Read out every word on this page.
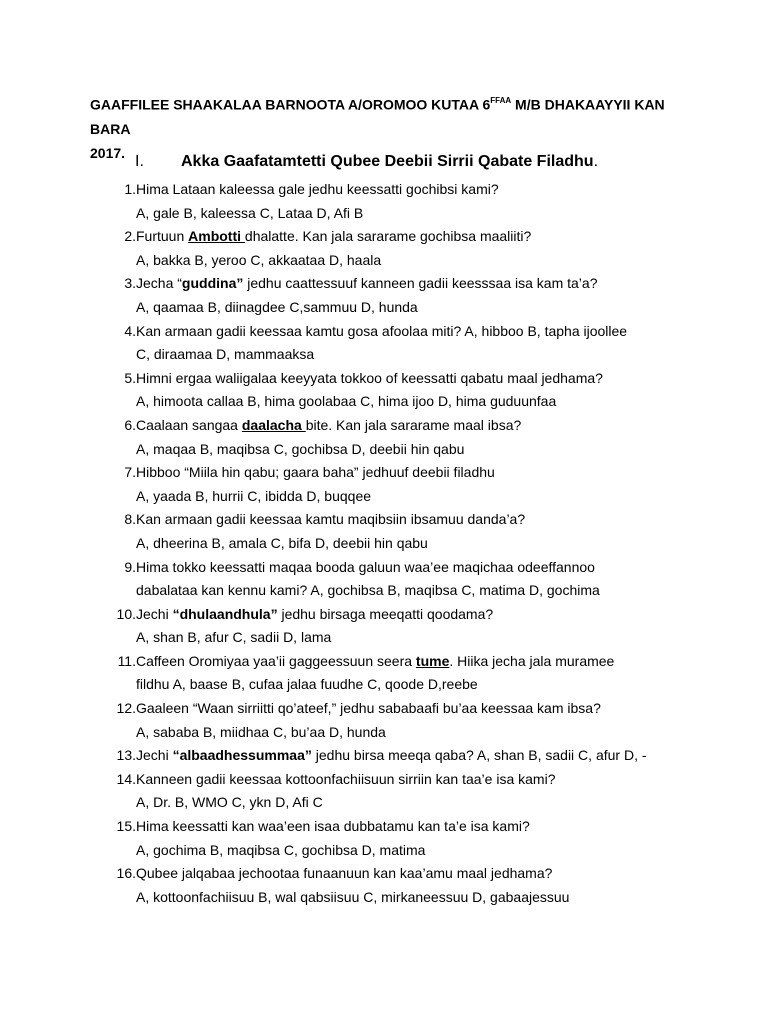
GAAFFILEE SHAAKALAA BARNOOTA A/OROMOO KUTAA $6^{FFAA}$ M/B DHAKAAYYII KAN BARA
2017.
I. Akka Gaafatamtetti Qubee Deebii Sirrii Qabate Filadhu.
1. Hima Lataan kaleessa gale jedhu keessatti gochibsi kami?
A, gale B, kaleessa C, Lataa D, Afi B
2. Furtuun Ambotti dhalatte. Kan jala sararame gochibsa maaliiti?
A, bakka B, yeroo C, akkaataa D, haala
3. Jecha “guddina” jedhu caattessuuf kanneen gadii keesssaa isa kam ta’a?
A, qaamaa B, diinagdee C,sammuu D, hunda
4. Kan armaan gadii keessaa kamtu gosa afoolaa miti? A, hibboo B, tapha ijoollee
C, diraamaa D, mammaaksa
5. Himni ergaa waliigalaa keeyyata tokkoo of keessatti qabatu maal jedhama?
A, himoota callaa B, hima goolabaa C, hima ijoo D, hima guduunfaa
6. Caalaan sangaa daalacha bite. Kan jala sararame maal ibsa?
A, maqaa B, maqibsa C, gochibsa D, deebii hin qabu
7. Hibboo “Miila hin qabu; gaara baha” jedhuuf deebii filadhu
A, yaada B, hurrii C, ibidda D, buqqee
8. Kan armaan gadii keessaa kamtu maqibsiin ibsamuu danda’a?
A, dheerina B, amala C, bifa D, deebii hin qabu
9. Hima tokko keessatti maqaa booda galuun waa’ee maqichaa odeeffannoo
dabalataa kan kennu kami? A, gochibsa B, maqibsa C, matima D, gochima
10. Jechi “dhulaandhula” jedhu birsaga meeqatti qoodama?
A, shan B, afur C, sadii D, lama
11. Caffeen Oromiyaa yaa’ii gaggeessuun seera tume. Hiika jecha jala muramee
fildhu A, baase B, cufaa jalaa fuudhe C, qoode D,reebe
12. Gaaleen “Waan sirriitti qo’ateef,” jedhu sababaafi bu’aa keessaa kam ibsa?
A, sababa B, miidhaa C, bu’aa D, hunda
13. Jechi “albaadhessummaa” jedhu birsa meeqa qaba? A, shan B, sadii C, afur D, -
14. Kanneen gadii keessaa kottoonfachiisuun sirriin kan taa’e isa kami?
A, Dr. B, WMO C, ykn D, Afi C
15. Hima keessatti kan waa’een isaa dubbatamu kan ta’e isa kami?
A, gochima B, maqibsa C, gochibsa D, matima
16. Qubee jalqabaa jechootaa funaanuun kan kaa’amu maal jedhama?
A, kottoonfachiisuu B, wal qabsiisuu C, mirkaneessuu D, gabaajessuu
